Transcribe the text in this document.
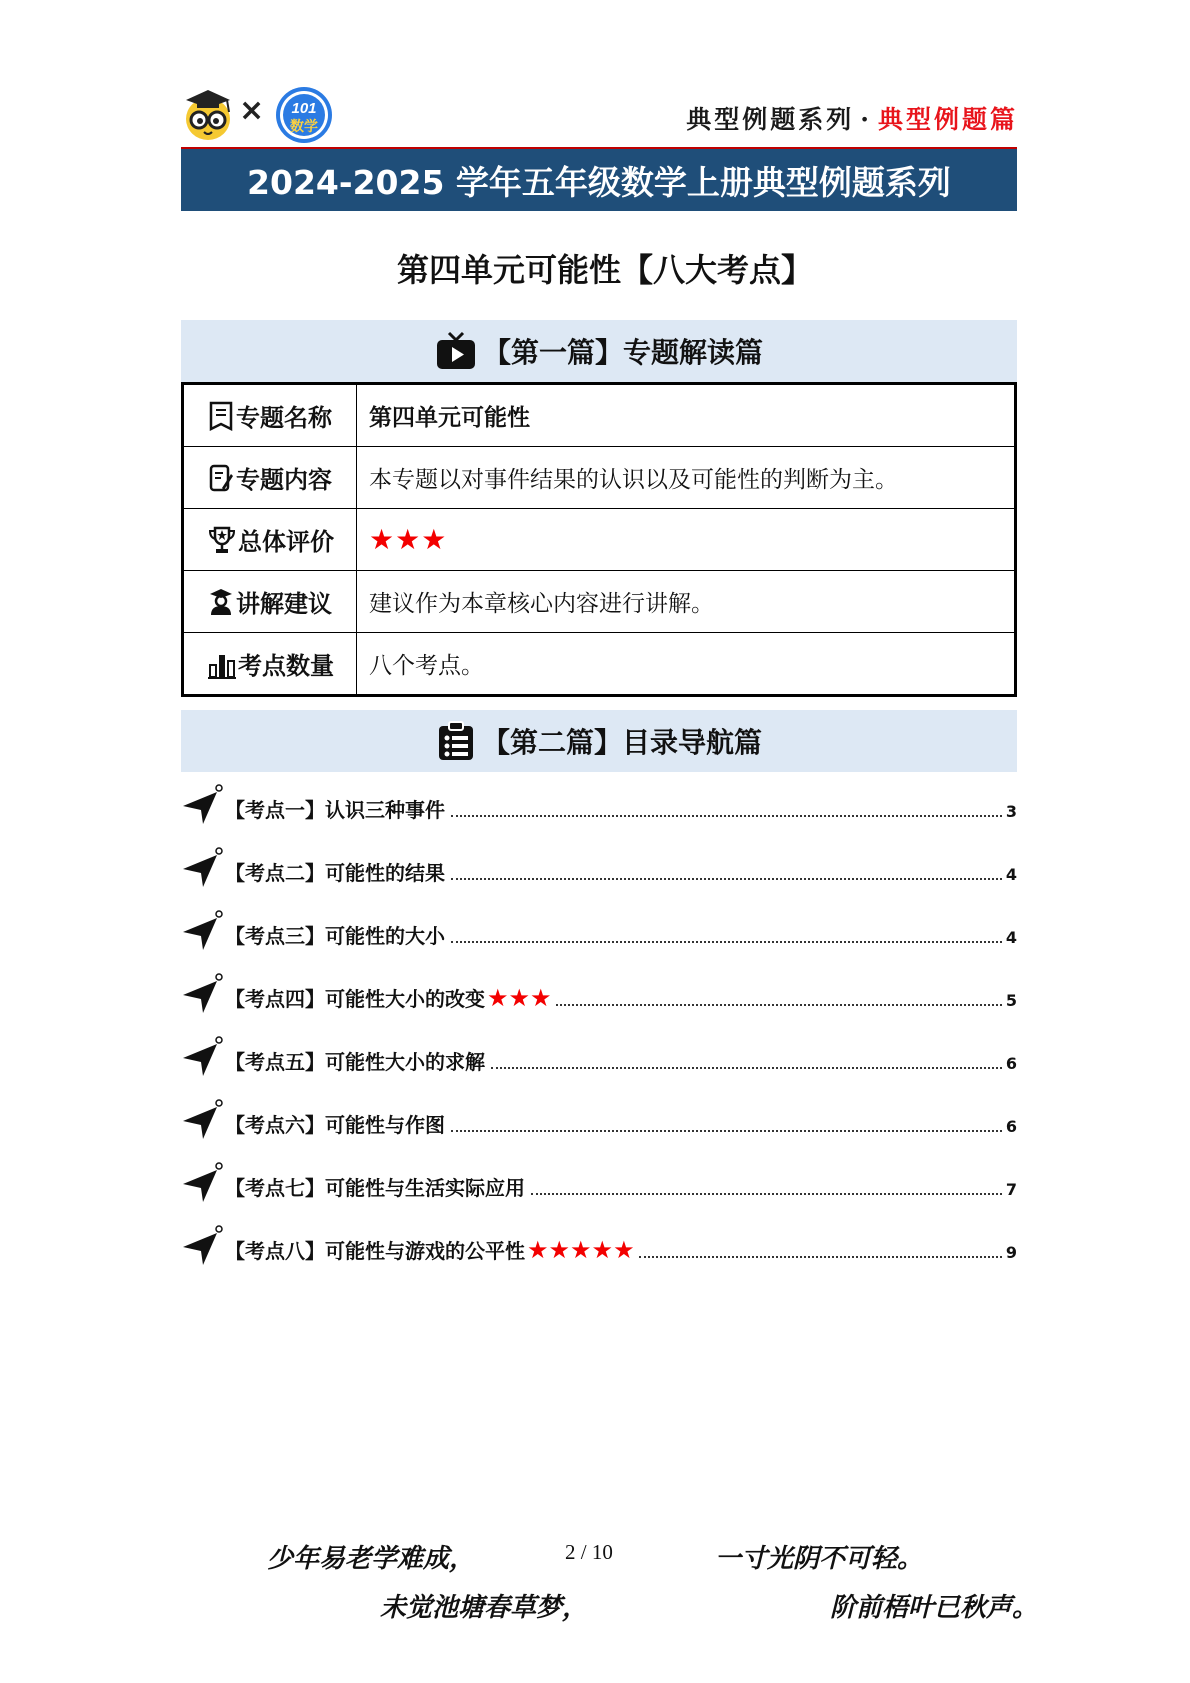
× 101
数学	典型例题系列 · 典型例题篇
2024-2025 学年五年级数学上册典型例题系列
第四单元可能性【八大考点】
【第一篇】专题解读篇
专题名称	第四单元可能性

专题内容	本专题以对事件结果的认识以及可能性的判断为主。

总体评价	★★★

讲解建议	建议作为本章核心内容进行讲解。

考点数量	八个考点。
【第二篇】目录导航篇
【考点一】认识三种事件	3
【考点二】可能性的结果	4
【考点三】可能性的大小	4
【考点四】可能性大小的改变 ★★★	5
【考点五】可能性大小的求解	6
【考点六】可能性与作图	6
【考点七】可能性与生活实际应用	7
【考点八】可能性与游戏的公平性 ★★★★★	9
少年易老学难成，	2 / 10	一寸光阴不可轻。
未觉池塘春草梦，	阶前梧叶已秋声。
